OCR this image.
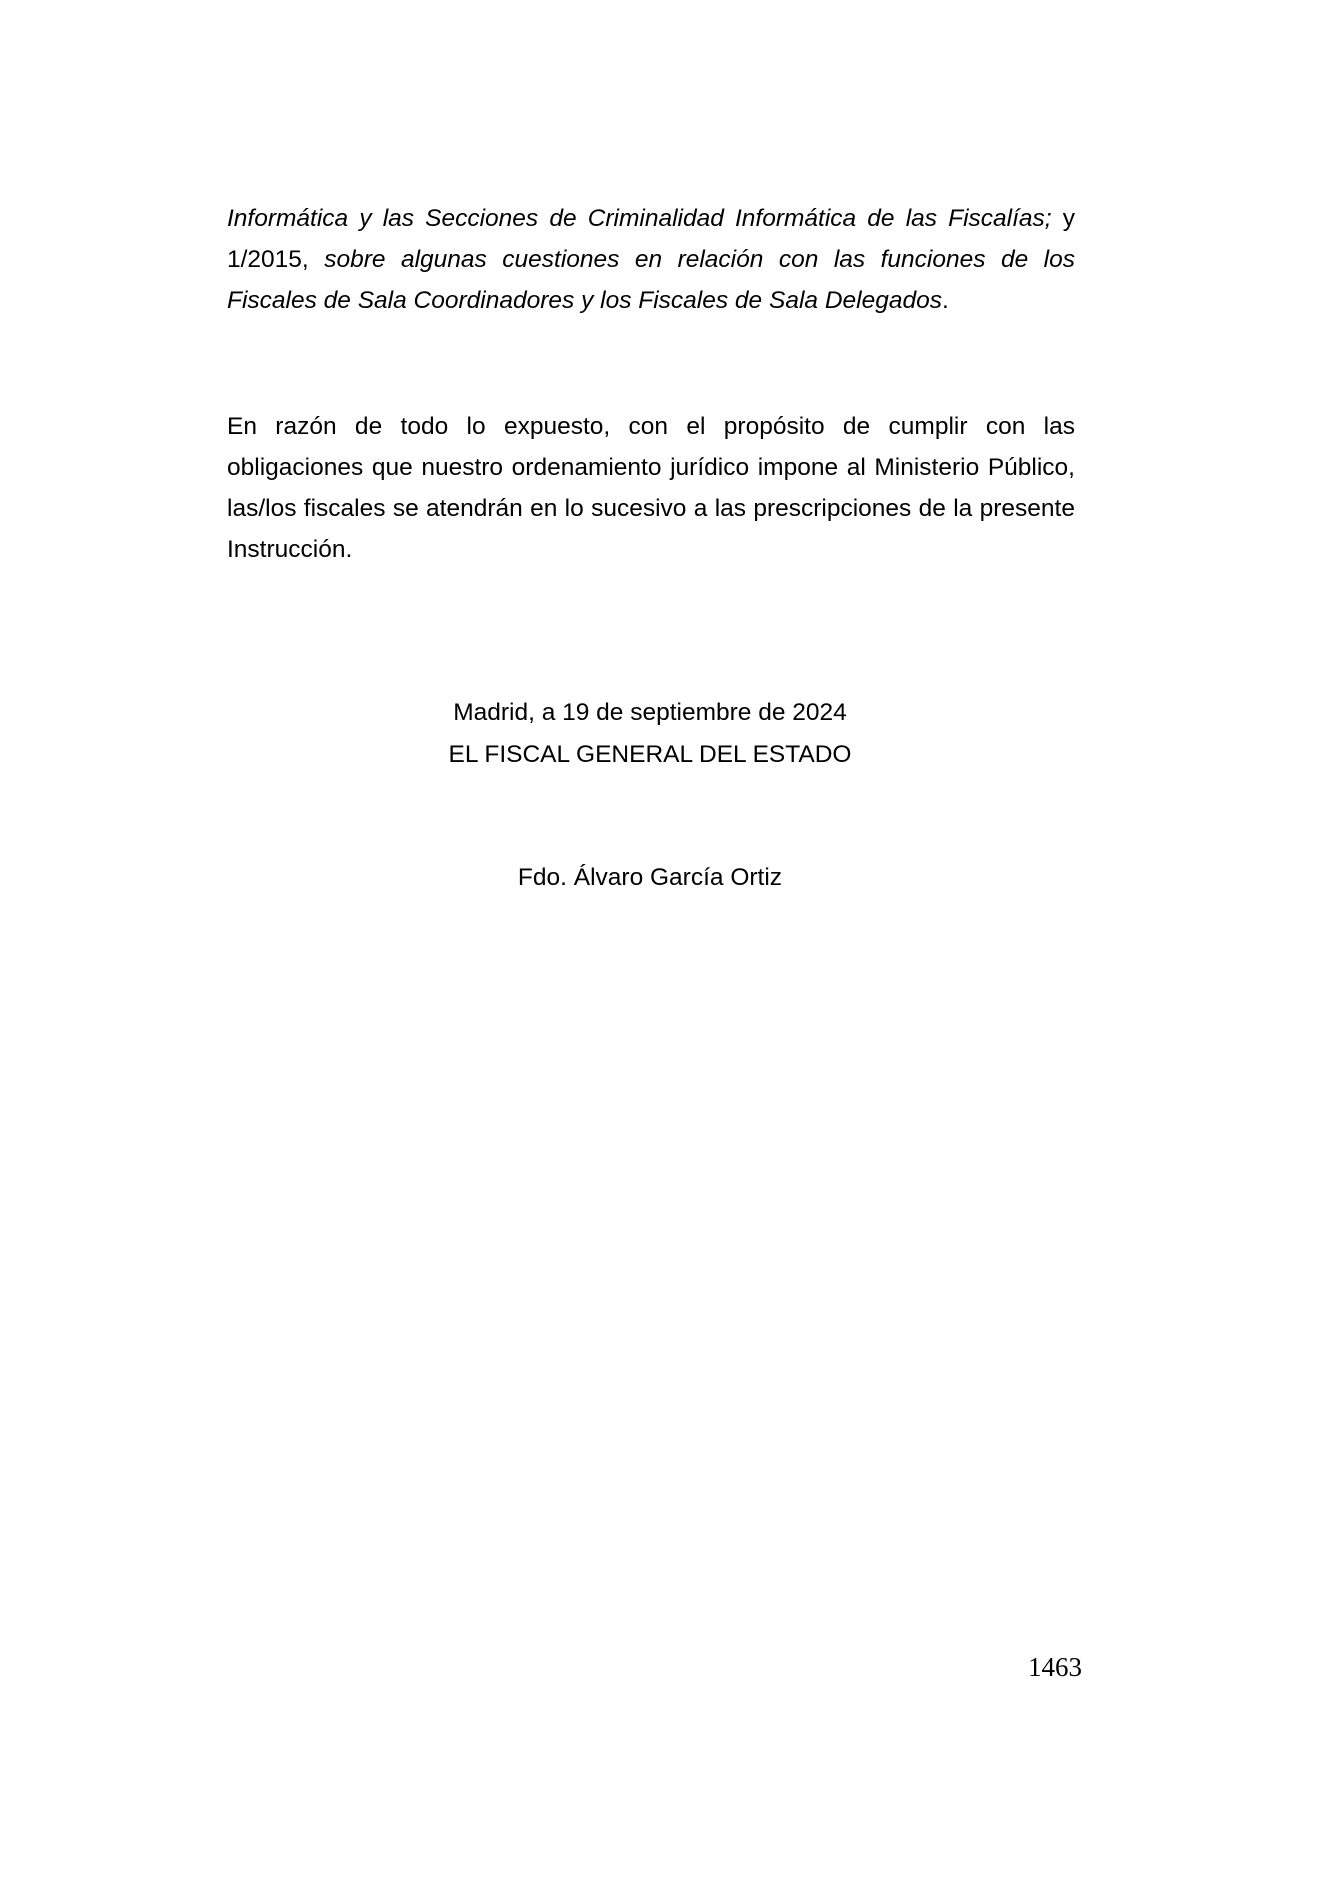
Informática y las Secciones de Criminalidad Informática de las Fiscalías; y 1/2015, sobre algunas cuestiones en relación con las funciones de los Fiscales de Sala Coordinadores y los Fiscales de Sala Delegados.

En razón de todo lo expuesto, con el propósito de cumplir con las obligaciones que nuestro ordenamiento jurídico impone al Ministerio Público, las/los fiscales se atendrán en lo sucesivo a las prescripciones de la presente Instrucción.

Madrid, a 19 de septiembre de 2024

EL FISCAL GENERAL DEL ESTADO

Fdo. Álvaro García Ortiz

1463
